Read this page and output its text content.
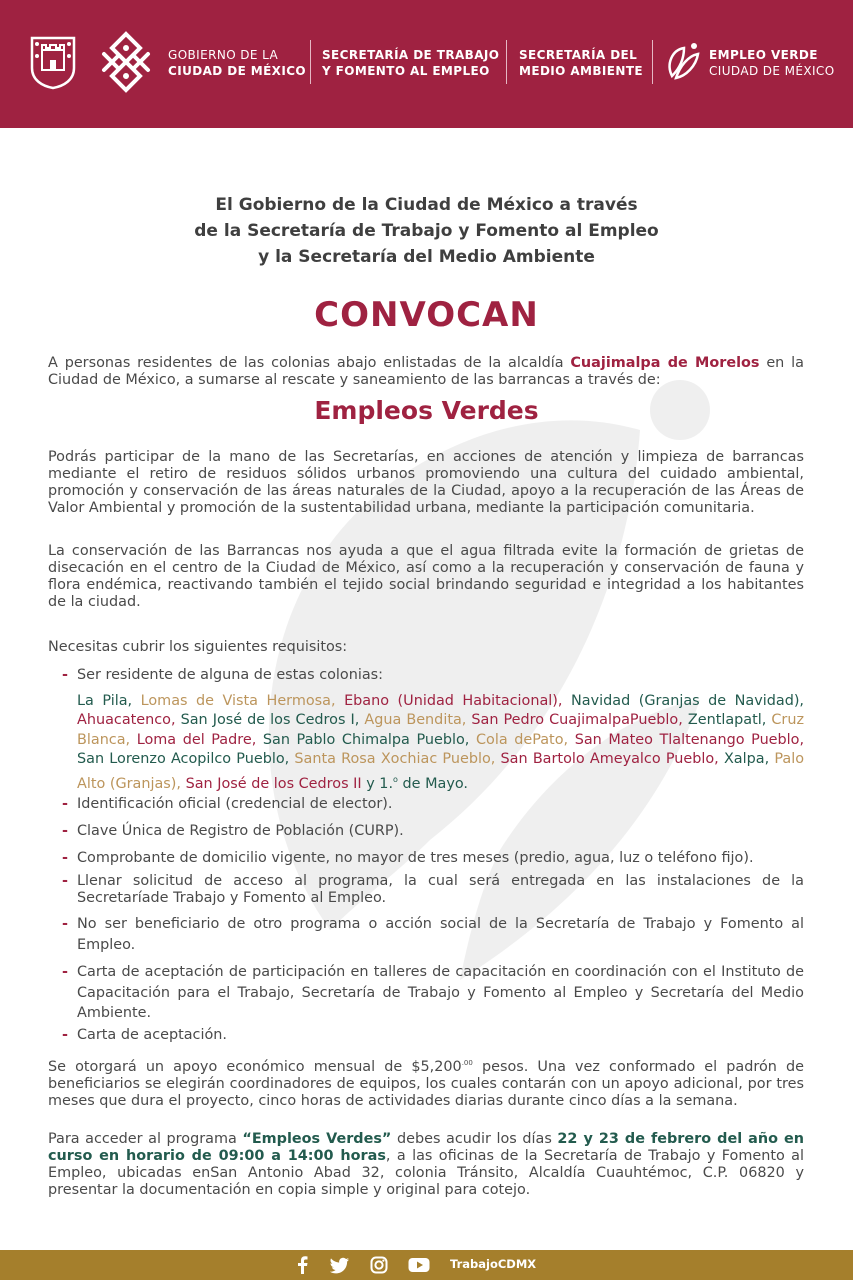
GOBIERNO DE LA
CIUDAD DE MÉXICO
SECRETARÍA DE TRABAJO
Y FOMENTO AL EMPLEO
SECRETARÍA DEL
MEDIO AMBIENTE
EMPLEO VERDE
CIUDAD DE MÉXICO
El Gobierno de la Ciudad de México a través
de la Secretaría de Trabajo y Fomento al Empleo
y la Secretaría del Medio Ambiente
CONVOCAN
A personas residentes de las colonias abajo enlistadas de la alcaldía Cuajimalpa de Morelos en la Ciudad de México, a sumarse al rescate y saneamiento de las barrancas a través de:
Empleos Verdes
Podrás participar de la mano de las Secretarías, en acciones de atención y limpieza de barrancas mediante el retiro de residuos sólidos urbanos promoviendo una cultura del cuidado ambiental, promoción y conservación de las áreas naturales de la Ciudad, apoyo a la recuperación de las Áreas de Valor Ambiental y promoción de la sustentabilidad urbana, mediante la participación comunitaria.
La conservación de las Barrancas nos ayuda a que el agua filtrada evite la formación de grietas de disecación en el centro de la Ciudad de México, así como a la recuperación y conservación de fauna y flora endémica, reactivando también el tejido social brindando seguridad e integridad a los habitantes de la ciudad.
Necesitas cubrir los siguientes requisitos:
- Ser residente de alguna de estas colonias:
La Pila, Lomas de Vista Hermosa, Ebano (Unidad Habitacional), Navidad (Granjas de Navidad), Ahuacatenco, San José de los Cedros I, Agua Bendita, San Pedro CuajimalpaPueblo, Zentlapatl, Cruz Blanca, Loma del Padre, San Pablo Chimalpa Pueblo, Cola dePato, San Mateo Tlaltenango Pueblo, San Lorenzo Acopilco Pueblo, Santa Rosa Xochiac Pueblo, San Bartolo Ameyalco Pueblo, Xalpa, Palo Alto (Granjas), San José de los Cedros II y 1.$^o$ de Mayo.
- Identificación oficial (credencial de elector).
- Clave Única de Registro de Población (CURP).
- Comprobante de domicilio vigente, no mayor de tres meses (predio, agua, luz o teléfono fijo).
- Llenar solicitud de acceso al programa, la cual será entregada en las instalaciones de la Secretaríade Trabajo y Fomento al Empleo.
- No ser beneficiario de otro programa o acción social de la Secretaría de Trabajo y Fomento al Empleo.
- Carta de aceptación de participación en talleres de capacitación en coordinación con el Instituto de Capacitación para el Trabajo, Secretaría de Trabajo y Fomento al Empleo y Secretaría del Medio Ambiente.
- Carta de aceptación.
Se otorgará un apoyo económico mensual de $\$5,200^{.00}$ pesos. Una vez conformado el padrón de beneficiarios se elegirán coordinadores de equipos, los cuales contarán con un apoyo adicional, por tres meses que dura el proyecto, cinco horas de actividades diarias durante cinco días a la semana.
Para acceder al programa “Empleos Verdes” debes acudir los días 22 y 23 de febrero del año en curso en horario de 09:00 a 14:00 horas, a las oficinas de la Secretaría de Trabajo y Fomento al Empleo, ubicadas enSan Antonio Abad 32, colonia Tránsito, Alcaldía Cuauhtémoc, C.P. 06820 y presentar la documentación en copia simple y original para cotejo.
TrabajoCDMX
